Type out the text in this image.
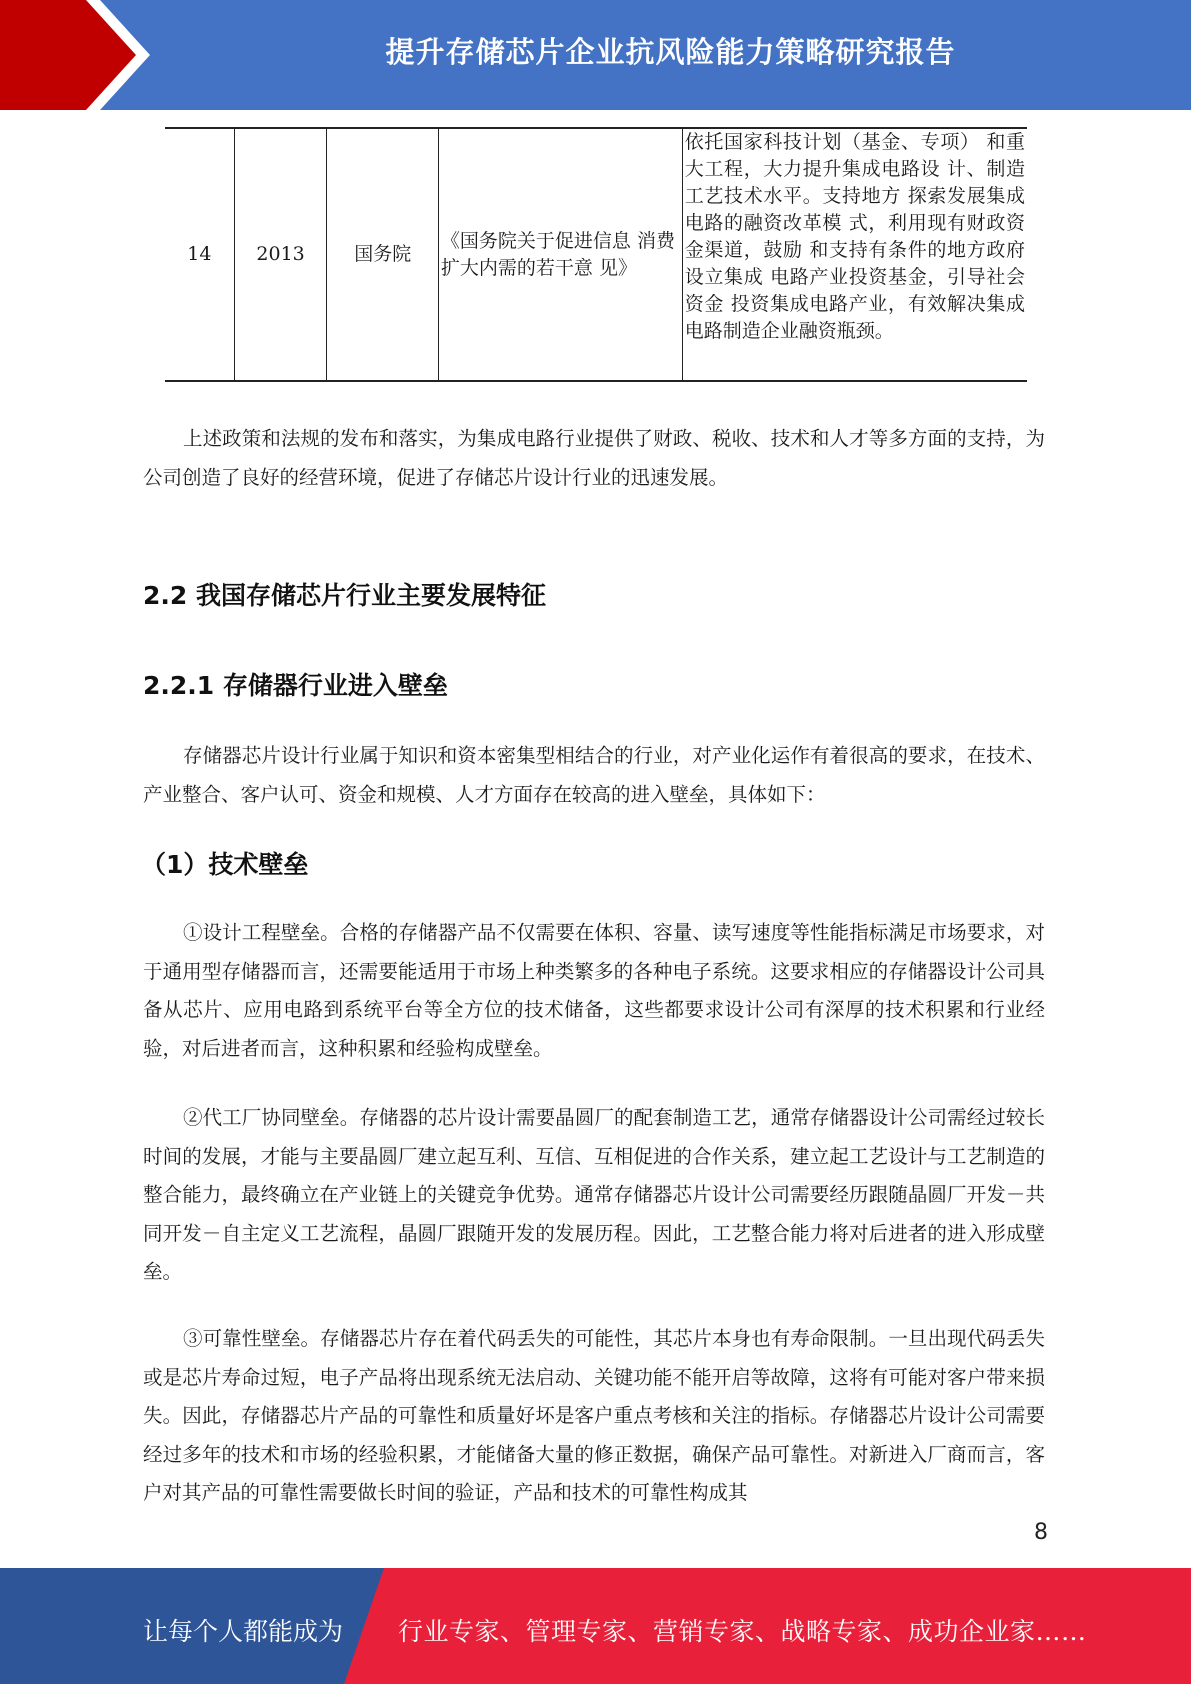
提升存储芯片企业抗风险能力策略研究报告
14	2013	国务院	《国务院关于促进信息 消费扩大内需的若干意 见》	依托国家科技计划（基金、专项） 和重大工程，大力提升集成电路设 计、制造工艺技术水平。支持地方 探索发展集成电路的融资改革模 式，利用现有财政资金渠道，鼓励 和支持有条件的地方政府设立集成 电路产业投资基金，引导社会资金 投资集成电路产业，有效解决集成 电路制造企业融资瓶颈。

上述政策和法规的发布和落实，为集成电路行业提供了财政、税收、技术和人才等多方面的支持，为公司创造了良好的经营环境，促进了存储芯片设计行业的迅速发展。

2.2 我国存储芯片行业主要发展特征
2.2.1 存储器行业进入壁垒

存储器芯片设计行业属于知识和资本密集型相结合的行业，对产业化运作有着很高的要求，在技术、产业整合、客户认可、资金和规模、人才方面存在较高的进入壁垒，具体如下：

（1）技术壁垒

①设计工程壁垒。合格的存储器产品不仅需要在体积、容量、读写速度等性能指标满足市场要求，对于通用型存储器而言，还需要能适用于市场上种类繁多的各种电子系统。这要求相应的存储器设计公司具备从芯片、应用电路到系统平台等全方位的技术储备，这些都要求设计公司有深厚的技术积累和行业经验，对后进者而言，这种积累和经验构成壁垒。

②代工厂协同壁垒。存储器的芯片设计需要晶圆厂的配套制造工艺，通常存储器设计公司需经过较长时间的发展，才能与主要晶圆厂建立起互利、互信、互相促进的合作关系，建立起工艺设计与工艺制造的整合能力，最终确立在产业链上的关键竞争优势。通常存储器芯片设计公司需要经历跟随晶圆厂开发－共同开发－自主定义工艺流程，晶圆厂跟随开发的发展历程。因此，工艺整合能力将对后进者的进入形成壁垒。

③可靠性壁垒。存储器芯片存在着代码丢失的可能性，其芯片本身也有寿命限制。一旦出现代码丢失或是芯片寿命过短，电子产品将出现系统无法启动、关键功能不能开启等故障，这将有可能对客户带来损失。因此，存储器芯片产品的可靠性和质量好坏是客户重点考核和关注的指标。存储器芯片设计公司需要经过多年的技术和市场的经验积累，才能储备大量的修正数据，确保产品可靠性。对新进入厂商而言，客户对其产品的可靠性需要做长时间的验证，产品和技术的可靠性构成其

8
让每个人都能成为 行业专家、管理专家、营销专家、战略专家、成功企业家……
